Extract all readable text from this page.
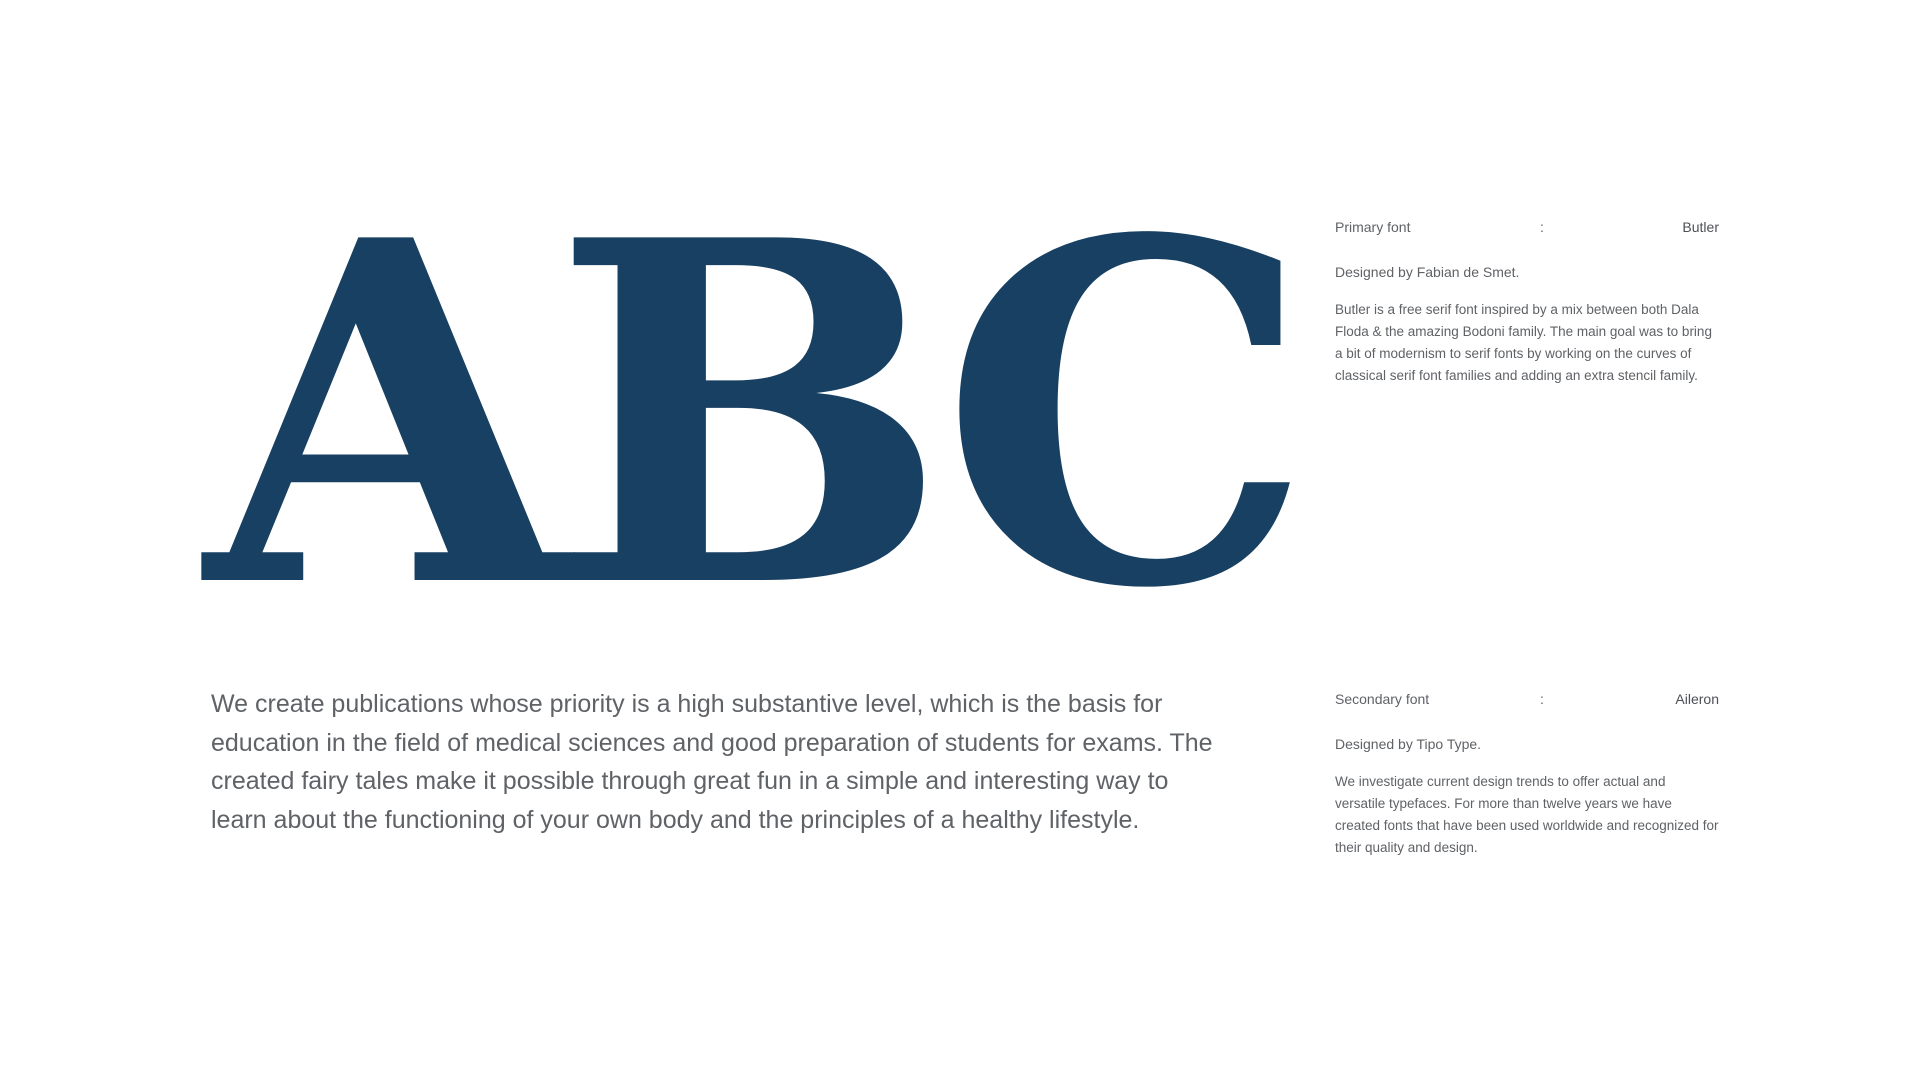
ABC

We create publications whose priority is a high substantive level, which is the basis for education in the field of medical sciences and good preparation of students for exams. The created fairy tales make it possible through great fun in a simple and interesting way to learn about the functioning of your own body and the principles of a healthy lifestyle.

Primary font	:	Butler
Designed by Fabian de Smet.
Butler is a free serif font inspired by a mix between both Dala Floda & the amazing Bodoni family. The main goal was to bring a bit of modernism to serif fonts by working on the curves of classical serif font families and adding an extra stencil family.
Secondary font	:	Aileron
Designed by Tipo Type.
We investigate current design trends to offer actual and versatile typefaces. For more than twelve years we have created fonts that have been used worldwide and recognized for their quality and design.
